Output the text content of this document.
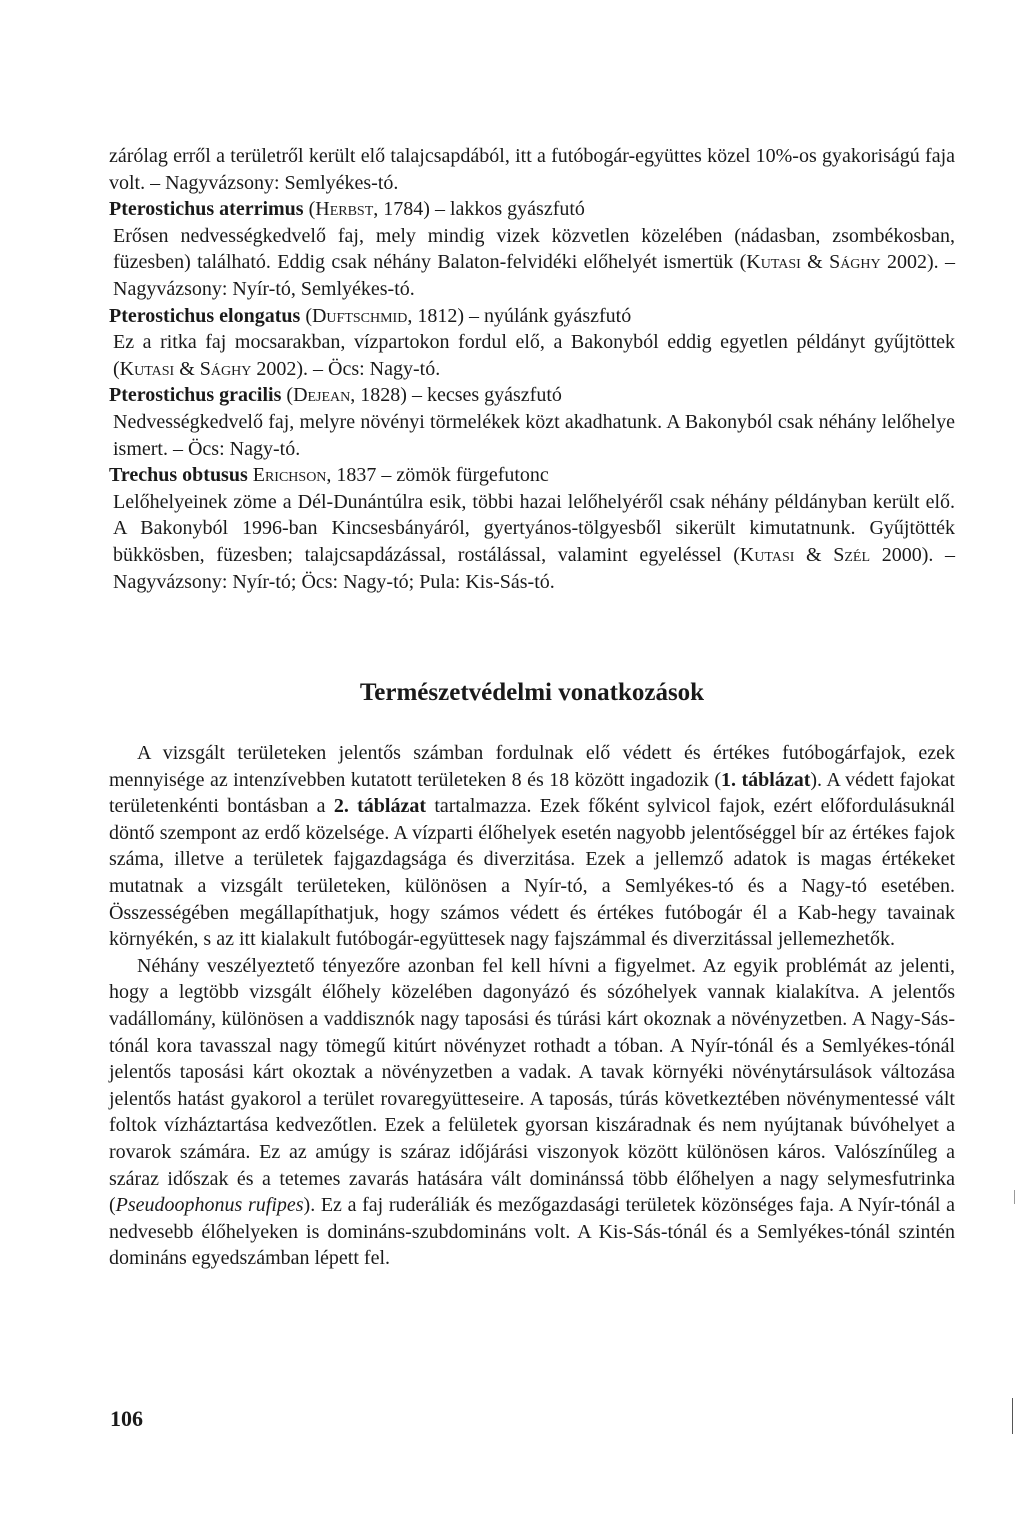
zárólag erről a területről került elő talajcsapdából, itt a futóbogár-együttes közel 10%-os gyakoriságú faja volt. – Nagyvázsony: Semlyékes-tó.

Pterostichus aterrimus (Herbst, 1784) – lakkos gyászfutó

Erősen nedvességkedvelő faj, mely mindig vizek közvetlen közelében (nádasban, zsombékosban, füzesben) található. Eddig csak néhány Balaton-felvidéki előhelyét ismertük (Kutasi & Sághy 2002). – Nagyvázsony: Nyír-tó, Semlyékes-tó.

Pterostichus elongatus (Duftschmid, 1812) – nyúlánk gyászfutó

Ez a ritka faj mocsarakban, vízpartokon fordul elő, a Bakonyból eddig egyetlen példányt gyűjtöttek (Kutasi & Sághy 2002). – Öcs: Nagy-tó.

Pterostichus gracilis (Dejean, 1828) – kecses gyászfutó

Nedvességkedvelő faj, melyre növényi törmelékek közt akadhatunk. A Bakonyból csak néhány lelőhelye ismert. – Öcs: Nagy-tó.

Trechus obtusus Erichson, 1837 – zömök fürgefutonc

Lelőhelyeinek zöme a Dél-Dunántúlra esik, többi hazai lelőhelyéről csak néhány példányban került elő. A Bakonyból 1996-ban Kincsesbányáról, gyertyános-tölgyesből sikerült kimutatnunk. Gyűjtötték bükkösben, füzesben; talajcsapdázással, rostálással, valamint egyeléssel (Kutasi & Szél 2000). – Nagyvázsony: Nyír-tó; Öcs: Nagy-tó; Pula: Kis-Sás-tó.

Természetvédelmi vonatkozások

A vizsgált területeken jelentős számban fordulnak elő védett és értékes futóbogárfajok, ezek mennyisége az intenzívebben kutatott területeken 8 és 18 között ingadozik (1. táblázat). A védett fajokat területenkénti bontásban a 2. táblázat tartalmazza. Ezek főként sylvicol fajok, ezért előfordulásuknál döntő szempont az erdő közelsége. A vízparti élőhelyek esetén nagyobb jelentőséggel bír az értékes fajok száma, illetve a területek fajgazdagsága és diverzitása. Ezek a jellemző adatok is magas értékeket mutatnak a vizsgált területeken, különösen a Nyír-tó, a Semlyékes-tó és a Nagy-tó esetében. Összességében megállapíthatjuk, hogy számos védett és értékes futóbogár él a Kab-hegy tavainak környékén, s az itt kialakult futóbogár-együttesek nagy fajszámmal és diverzitással jellemezhetők.

Néhány veszélyeztető tényezőre azonban fel kell hívni a figyelmet. Az egyik problémát az jelenti, hogy a legtöbb vizsgált élőhely közelében dagonyázó és sózóhelyek vannak kialakítva. A jelentős vadállomány, különösen a vaddisznók nagy taposási és túrási kárt okoznak a növényzetben. A Nagy-Sás-tónál kora tavasszal nagy tömegű kitúrt növényzet rothadt a tóban. A Nyír-tónál és a Semlyékes-tónál jelentős taposási kárt okoztak a növényzetben a vadak. A tavak környéki növénytársulások változása jelentős hatást gyakorol a terület rovaregyütteseire. A taposás, túrás következtében növénymentessé vált foltok vízháztartása kedvezőtlen. Ezek a felületek gyorsan kiszáradnak és nem nyújtanak búvóhelyet a rovarok számára. Ez az amúgy is száraz időjárási viszonyok között különösen káros. Valószínűleg a száraz időszak és a tetemes zavarás hatására vált dominánssá több élőhelyen a nagy selymesfutrinka (Pseudoophonus rufipes). Ez a faj ruderáliák és mezőgazdasági területek közönséges faja. A Nyír-tónál a nedvesebb élőhelyeken is domináns-szubdomináns volt. A Kis-Sás-tónál és a Semlyékes-tónál szintén domináns egyedszámban lépett fel.

106
